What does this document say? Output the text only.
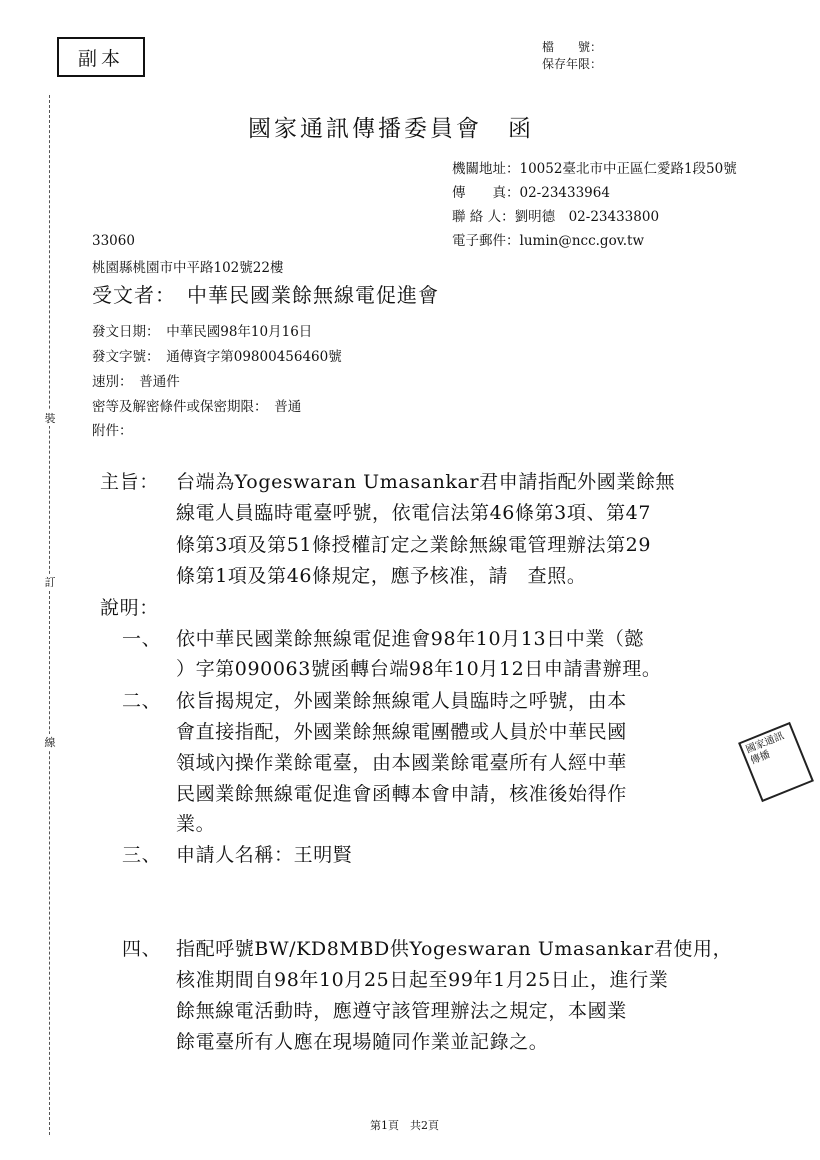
副本
檔　　號：
保存年限：
裝
訂
線
國家通訊傳播委員會　函
機關地址：10052臺北市中正區仁愛路1段50號
傳　　真：02-23433964
聯 絡 人：劉明德　02-23433800
電子郵件：lumin@ncc.gov.tw
33060
桃園縣桃園市中平路102號22樓
受文者：　中華民國業餘無線電促進會
發文日期：　中華民國98年10月16日
發文字號：　通傳資字第09800456460號
速別：　普通件
密等及解密條件或保密期限：　普通
附件：
主旨： 台端為Yogeswaran Umasankar君申請指配外國業餘無
線電人員臨時電臺呼號，依電信法第46條第3項、第47
條第3項及第51條授權訂定之業餘無線電管理辦法第29
條第1項及第46條規定，應予核准，請　查照。
說明：
一、 依中華民國業餘無線電促進會98年10月13日中業（懿
）字第090063號函轉台端98年10月12日申請書辦理。
二、 依旨揭規定，外國業餘無線電人員臨時之呼號，由本
會直接指配，外國業餘無線電團體或人員於中華民國
領域內操作業餘電臺，由本國業餘電臺所有人經中華
民國業餘無線電促進會函轉本會申請，核准後始得作
業。
三、 申請人名稱：王明賢
四、 指配呼號BW/KD8MBD供Yogeswaran Umasankar君使用，
核准期間自98年10月25日起至99年1月25日止，進行業
餘無線電活動時，應遵守該管理辦法之規定，本國業
餘電臺所有人應在現場隨同作業並記錄之。
國家通訊傳播
第1頁　共2頁
